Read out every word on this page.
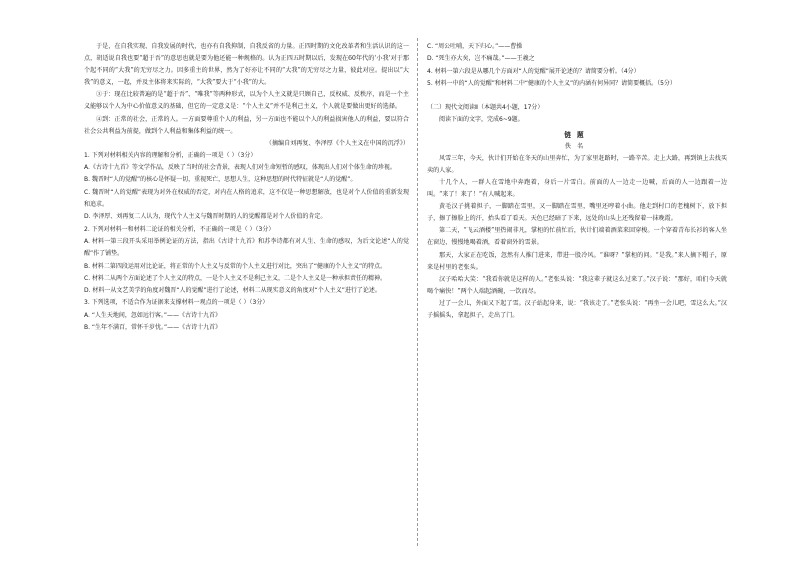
于是，在自我实现、自我发展的时代，也亦有自我抑制，自我反省的力量。正四时期的文化改革者和生活认识的这一点，胡适说自我也要“超于吾”的意思也就是要为他还能一种规格的。认为正四五时期以后，发现在60年代的‘小我’对于那个起不同的“大我”的无穷尽之力。因多重主的世界，然为了好亦让不同的“大我”的无穷尽之力量，彼此对应。提出以“大我”的意义，一起，并及主体将来实际的，“大我”要大于“小我”的大。

③于：现在比较普遍的是“超于吾”、“唯我”等两种形式，以为个人主义就是只顾自己，反权威、反秩序，而是一个主义能够以个人为中心价值意义的基础，但它的一定意义是：“个人主义”并不是利己主义，个人就是要做出更好的选择。

④到：正常的社会，正常的人。一方面要尊重个人的利益，另一方面也不能以个人的利益损害他人的利益，要以符合社会公共利益为前提，做到个人利益和集体利益的统一。

（摘编自刘再复、李泽厚《个人主义在中国的沉浮》）

1. 下列对材料相关内容的理解和分析，正确的一项是（ ）（3分）

A.《古诗十九首》等文学作品，反映了当时的社会背景，表现人们对生命短暂的感叹，体现出人们对个体生命的珍视。

B. 魏晋时“人的觉醒”的核心是怀疑一切，重视死亡，思想人生，这种思想的时代特征就是“人的觉醒”。

C. 魏晋时“人的觉醒”表现为对外在权威的否定，对内在人格的追求，这不仅是一种思想解放，也是对个人价值的重新发现和追求。

D. 李泽厚、刘再复二人认为，现代个人主义与魏晋时期的人的觉醒都是对个人价值的肯定。

2. 下列对材料一和材料二论证的相关分析，不正确的一项是（ ）（3分）

A. 材料一第三段开头采用举例论证的方法，指出《古诗十九首》和苏李诗都有对人生、生命的感叹，为后文论述“人的觉醒”作了铺垫。

B. 材料二第四段运用对比论证，将正常的个人主义与反常的个人主义进行对比，突出了“健康的个人主义”的特点。

C. 材料二从两个方面论述了个人主义的特点，一是个人主义不是利己主义，二是个人主义是一种承担责任的精神。

D. 材料一从文艺美学的角度对魏晋“人的觉醒”进行了论述，材料二从现实意义的角度对“个人主义”进行了论述。

3. 下列选项，不适合作为证据来支撑材料一观点的一项是（ ）（3分）

A. “人生天地间，忽如远行客。”——《古诗十九首》

B. “生年不满百，常怀千岁忧。”——《古诗十九首》

C. “周公吐哺，天下归心。”——曹操

D. “死生亦大矣，岂不痛哉。”——王羲之

4. 材料一第六段是从哪几个方面对“人的觉醒”展开论述的？请简要分析。（4分）

5. 材料一中的“人的觉醒”和材料二中“健康的个人主义”的内涵有何异同？请简要概括。（5分）

（二）现代文阅读Ⅱ（本题共4小题，17分）

阅读下面的文字，完成6~9题。

链题

佚名

风雪三年，今天，伙计们开始在冬天的山里奔忙，为了家里赶路时，一路辛苦。走上大路，再到镇上去找买卖的人家。

十几个人，一群人在雪地中奔跑着，身后一片雪白。前面的人一边走一边喊，后面的人一边跟着一边叫。“来了！来了！”有人喊起来。

黄毛汉子挑着担子，一脚踏在雪里，又一脚踏在雪里，嘴里还哼着小曲。他走到村口的老槐树下，放下担子，擦了擦脸上的汗，抬头看了看天。天色已经暗了下来，远处的山头上还残留着一抹晚霞。

第二天，“飞云酒楼”里热闹非凡，掌柜的忙前忙后，伙计们端着酒菜来回穿梭。一个穿着青布长衫的客人坐在窗边，慢慢地喝着酒，看着窗外的雪景。

那天，大家正在吃饭，忽然有人推门进来，带进一股冷风。“谁呀？”掌柜的问。“是我。”来人摘下帽子，原来是村里的老张头。

汉子哈哈大笑：“我看你就是这样的人。”老张头说：“我这辈子就这么过来了。”汉子说：“那好，咱们今天就喝个痛快！”两个人端起酒碗，一饮而尽。

过了一会儿，外面又下起了雪。汉子站起身来，说：“我该走了。”老张头说：“再坐一会儿吧，雪这么大。”汉子摇摇头，拿起担子，走出了门。
